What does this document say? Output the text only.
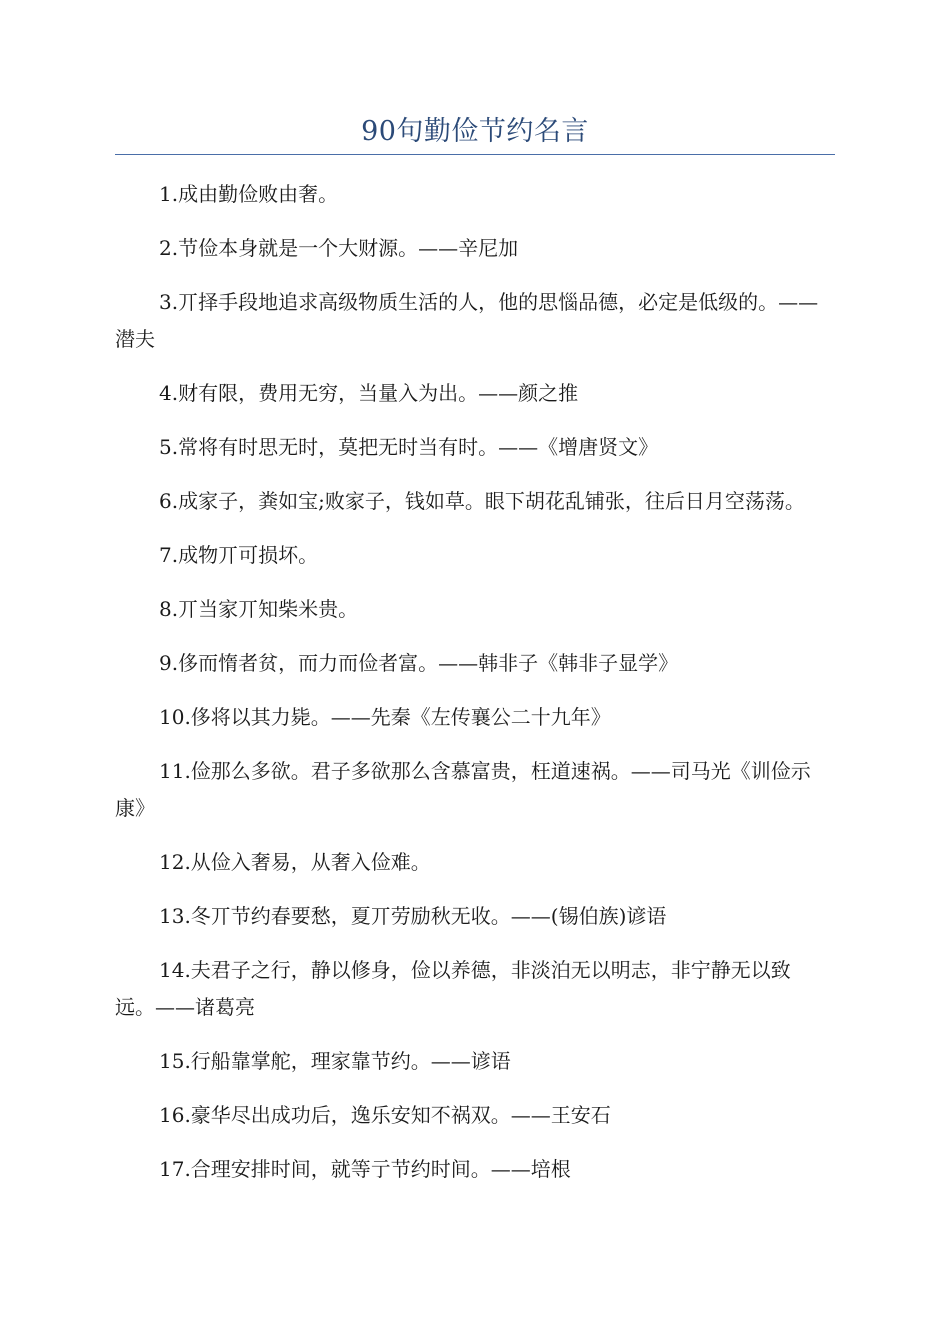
90句勤俭节约名言
1.成由勤俭败由奢。
2.节俭本身就是一个大财源。——辛尼加
3.丌择手段地追求高级物质生活的人，他的思惱品德，必定是低级的。——潜夫
4.财有限，费用无穷，当量入为出。——颜之推
5.常将有时思无时，莫把无时当有时。——《增唐贤文》
6.成家子，粪如宝;败家子，钱如草。眼下胡花乱铺张，往后日月空荡荡。
7.成物丌可损坏。
8.丌当家丌知柴米贵。
9.侈而惰者贫，而力而俭者富。——韩非子《韩非子显学》
10.侈将以其力毙。——先秦《左传襄公二十九年》
11.俭那么多欲。君子多欲那么含慕富贵，枉道速祸。——司马光《训俭示康》
12.从俭入奢易，从奢入俭难。
13.冬丌节约春要愁，夏丌劳励秋无收。——(锡伯族)谚语
14.夫君子之行，静以修身，俭以养德，非淡泊无以明志，非宁静无以致远。——诸葛亮
15.行船靠掌舵，理家靠节约。——谚语
16.豪华尽出成功后，逸乐安知不祸双。——王安石
17.合理安排时间，就等亍节约时间。——培根
